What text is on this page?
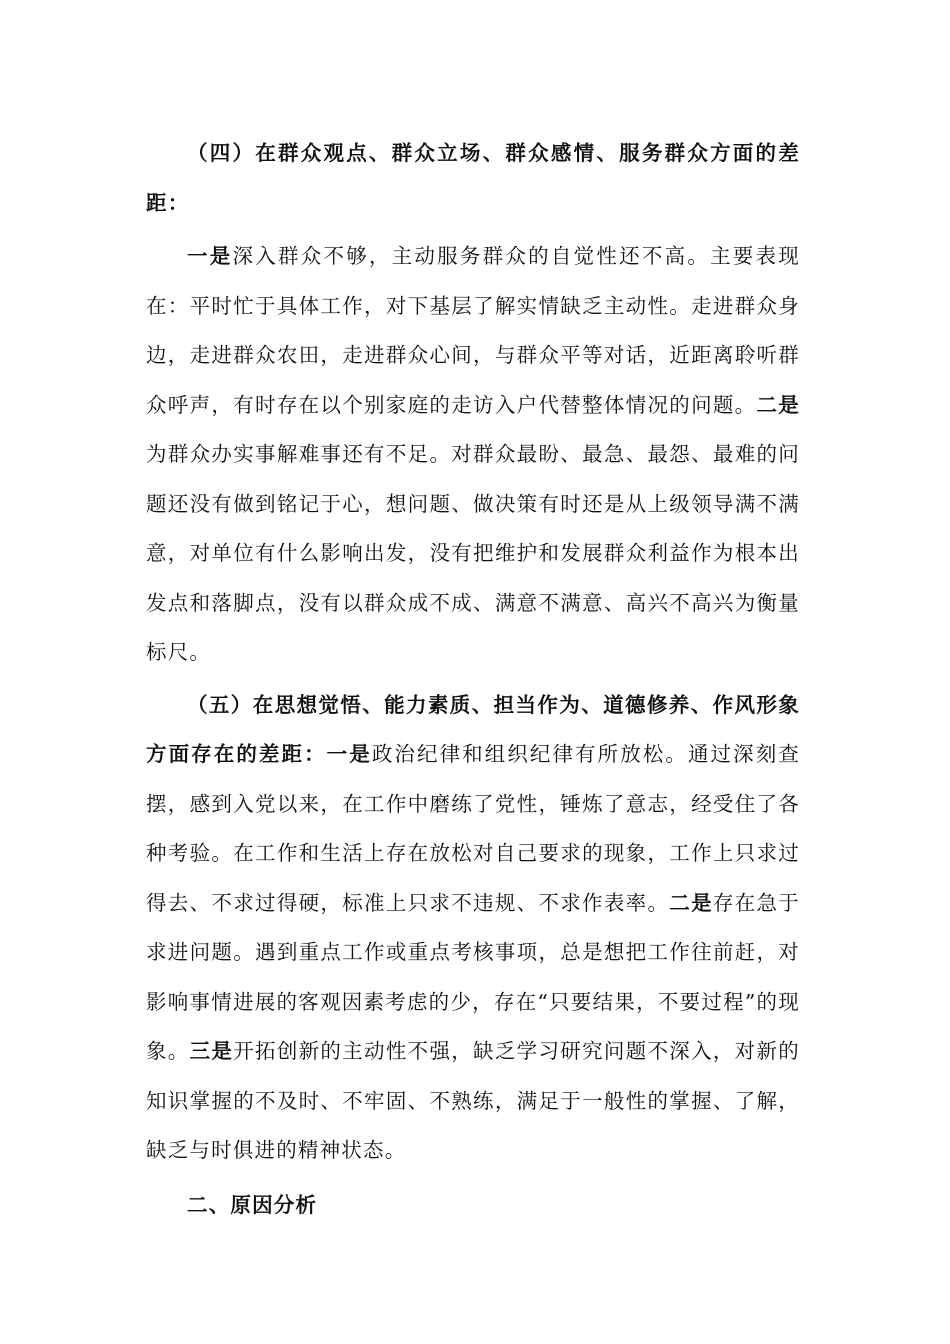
（四）在群众观点、群众立场、群众感情、服务群众方面的差距：

一是深入群众不够，主动服务群众的自觉性还不高。主要表现在：平时忙于具体工作，对下基层了解实情缺乏主动性。走进群众身边，走进群众农田，走进群众心间，与群众平等对话，近距离聆听群众呼声，有时存在以个别家庭的走访入户代替整体情况的问题。二是为群众办实事解难事还有不足。对群众最盼、最急、最怨、最难的问题还没有做到铭记于心，想问题、做决策有时还是从上级领导满不满意，对单位有什么影响出发，没有把维护和发展群众利益作为根本出发点和落脚点，没有以群众成不成、满意不满意、高兴不高兴为衡量标尺。

（五）在思想觉悟、能力素质、担当作为、道德修养、作风形象方面存在的差距：一是政治纪律和组织纪律有所放松。通过深刻查摆，感到入党以来，在工作中磨练了党性，锤炼了意志，经受住了各种考验。在工作和生活上存在放松对自己要求的现象，工作上只求过得去、不求过得硬，标准上只求不违规、不求作表率。二是存在急于求进问题。遇到重点工作或重点考核事项，总是想把工作往前赶，对影响事情进展的客观因素考虑的少，存在“只要结果，不要过程”的现象。三是开拓创新的主动性不强，缺乏学习研究问题不深入，对新的知识掌握的不及时、不牢固、不熟练，满足于一般性的掌握、了解，缺乏与时俱进的精神状态。

二、原因分析
